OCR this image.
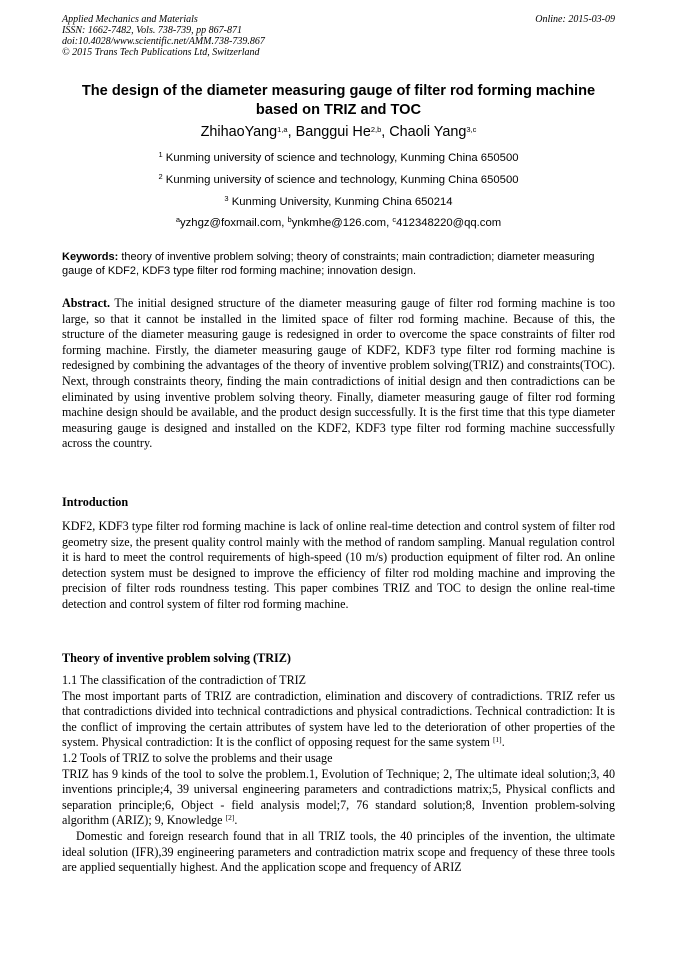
Applied Mechanics and Materials
ISSN: 1662-7482, Vols. 738-739, pp 867-871
doi:10.4028/www.scientific.net/AMM.738-739.867
© 2015 Trans Tech Publications Ltd, Switzerland
Online: 2015-03-09
The design of the diameter measuring gauge of filter rod forming machine based on TRIZ and TOC
ZhihaoYang$^{1,a}$, Banggui He$^{2,b}$, Chaoli Yang$^{3,c}$
$^1$ Kunming university of science and technology, Kunming China 650500
$^2$ Kunming university of science and technology, Kunming China 650500
$^3$ Kunming University, Kunming China 650214
$^a$yzhgz@foxmail.com, $^b$ynkmhe@126.com, $^c$412348220@qq.com
Keywords: theory of inventive problem solving; theory of constraints; main contradiction; diameter measuring gauge of KDF2, KDF3 type filter rod forming machine; innovation design.
Abstract. The initial designed structure of the diameter measuring gauge of filter rod forming machine is too large, so that it cannot be installed in the limited space of filter rod forming machine. Because of this, the structure of the diameter measuring gauge is redesigned in order to overcome the space constraints of filter rod forming machine. Firstly, the diameter measuring gauge of KDF2, KDF3 type filter rod forming machine is redesigned by combining the advantages of the theory of inventive problem solving(TRIZ) and constraints(TOC). Next, through constraints theory, finding the main contradictions of initial design and then contradictions can be eliminated by using inventive problem solving theory. Finally, diameter measuring gauge of filter rod forming machine design should be available, and the product design successfully. It is the first time that this type diameter measuring gauge is designed and installed on the KDF2, KDF3 type filter rod forming machine successfully across the country.
Introduction
KDF2, KDF3 type filter rod forming machine is lack of online real-time detection and control system of filter rod geometry size, the present quality control mainly with the method of random sampling. Manual regulation control it is hard to meet the control requirements of high-speed (10 m/s) production equipment of filter rod. An online detection system must be designed to improve the efficiency of filter rod molding machine and improving the precision of filter rods roundness testing. This paper combines TRIZ and TOC to design the online real-time detection and control system of filter rod forming machine.
Theory of inventive problem solving (TRIZ)

1.1 The classification of the contradiction of TRIZ

The most important parts of TRIZ are contradiction, elimination and discovery of contradictions. TRIZ refer us that contradictions divided into technical contradictions and physical contradictions. Technical contradiction: It is the conflict of improving the certain attributes of system have led to the deterioration of other properties of the system. Physical contradiction: It is the conflict of opposing request for the same system [1].

1.2 Tools of TRIZ to solve the problems and their usage

TRIZ has 9 kinds of the tool to solve the problem.1, Evolution of Technique; 2, The ultimate ideal solution;3, 40 inventions principle;4, 39 universal engineering parameters and contradictions matrix;5, Physical conflicts and separation principle;6, Object - field analysis model;7, 76 standard solution;8, Invention problem-solving algorithm (ARIZ); 9, Knowledge [2].

Domestic and foreign research found that in all TRIZ tools, the 40 principles of the invention, the ultimate ideal solution (IFR),39 engineering parameters and contradiction matrix scope and frequency of these three tools are applied sequentially highest. And the application scope and frequency of ARIZ
